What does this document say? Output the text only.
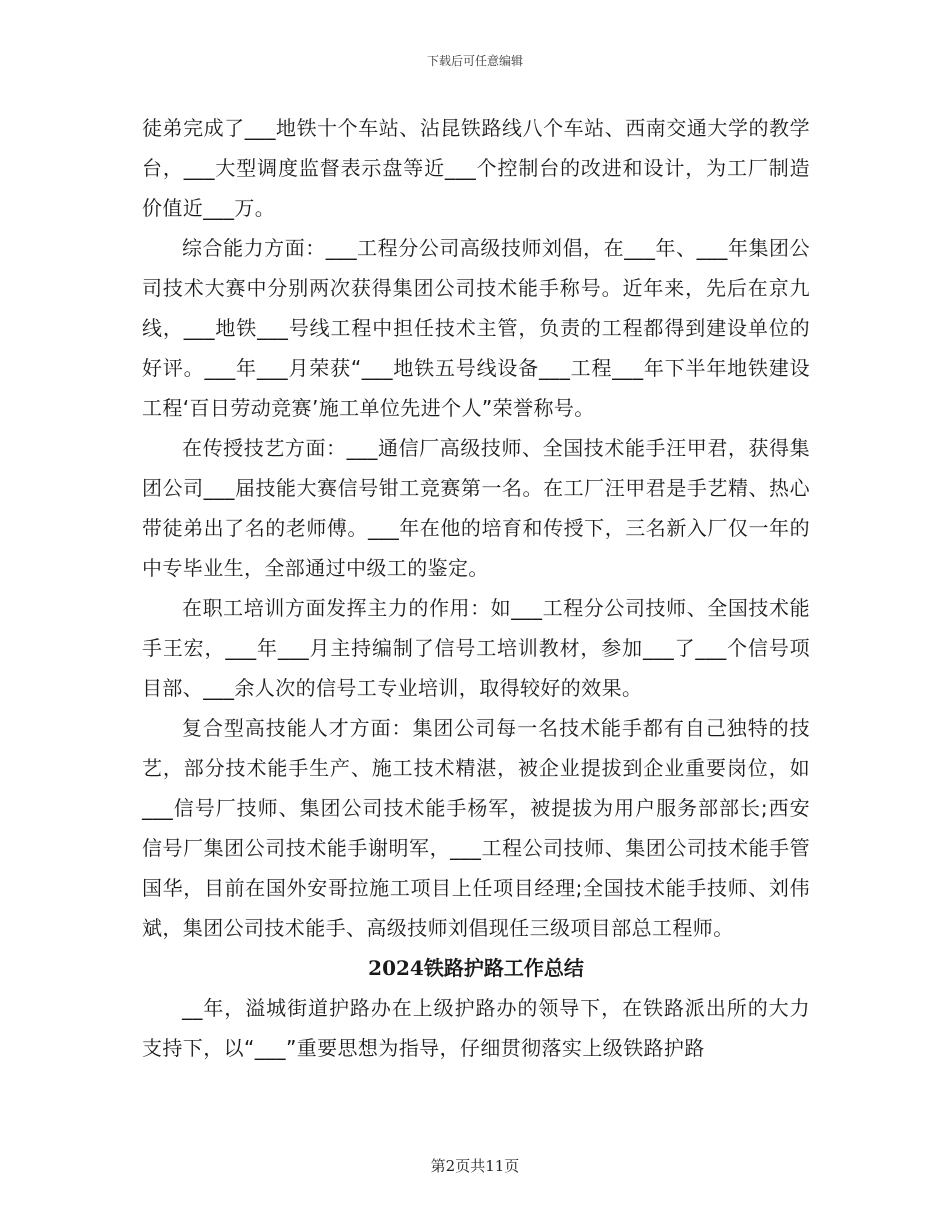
下载后可任意编辑

徒弟完成了___地铁十个车站、沾昆铁路线八个车站、西南交通大学的教学台，___大型调度监督表示盘等近___个控制台的改进和设计，为工厂制造价值近___万。

综合能力方面：___工程分公司高级技师刘倡，在___年、___年集团公司技术大赛中分别两次获得集团公司技术能手称号。近年来，先后在京九线，___地铁___号线工程中担任技术主管，负责的工程都得到建设单位的好评。___年___月荣获“___地铁五号线设备___工程___年下半年地铁建设工程‘百日劳动竞赛’施工单位先进个人”荣誉称号。

在传授技艺方面：___通信厂高级技师、全国技术能手汪甲君，获得集团公司___届技能大赛信号钳工竞赛第一名。在工厂汪甲君是手艺精、热心带徒弟出了名的老师傅。___年在他的培育和传授下，三名新入厂仅一年的中专毕业生，全部通过中级工的鉴定。

在职工培训方面发挥主力的作用：如___工程分公司技师、全国技术能手王宏，___年___月主持编制了信号工培训教材，参加___了___个信号项目部、___余人次的信号工专业培训，取得较好的效果。

复合型高技能人才方面：集团公司每一名技术能手都有自己独特的技艺，部分技术能手生产、施工技术精湛，被企业提拔到企业重要岗位，如___信号厂技师、集团公司技术能手杨军，被提拔为用户服务部部长;西安信号厂集团公司技术能手谢明军，___工程公司技师、集团公司技术能手管国华，目前在国外安哥拉施工项目上任项目经理;全国技术能手技师、刘伟斌，集团公司技术能手、高级技师刘倡现任三级项目部总工程师。

2024铁路护路工作总结

__年，溢城街道护路办在上级护路办的领导下，在铁路派出所的大力支持下，以“___”重要思想为指导，仔细贯彻落实上级铁路护路

第2页共11页
